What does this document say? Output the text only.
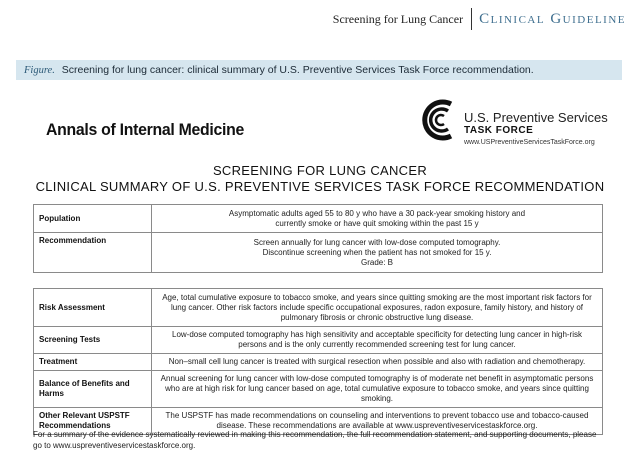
Screening for Lung Cancer	Clinical Guideline
Figure. Screening for lung cancer: clinical summary of U.S. Preventive Services Task Force recommendation.
Annals of Internal Medicine
U.S. Preventive Services
TASK FORCE
www.USPreventiveServicesTaskForce.org
SCREENING FOR LUNG CANCER
CLINICAL SUMMARY OF U.S. PREVENTIVE SERVICES TASK FORCE RECOMMENDATION
Population	Asymptomatic adults aged 55 to 80 y who have a 30 pack-year smoking history and
currently smoke or have quit smoking within the past 15 y

Recommendation	Screen annually for lung cancer with low-dose computed tomography.
Discontinue screening when the patient has not smoked for 15 y.
Grade: B
Risk Assessment	Age, total cumulative exposure to tobacco smoke, and years since quitting smoking are the most important risk factors for
lung cancer. Other risk factors include specific occupational exposures, radon exposure, family history, and history of
pulmonary fibrosis or chronic obstructive lung disease.

Screening Tests	Low-dose computed tomography has high sensitivity and acceptable specificity for detecting lung cancer in high-risk
persons and is the only currently recommended screening test for lung cancer.

Treatment	Non–small cell lung cancer is treated with surgical resection when possible and also with radiation and chemotherapy.

Balance of Benefits and Harms	Annual screening for lung cancer with low-dose computed tomography is of moderate net benefit in asymptomatic persons
who are at high risk for lung cancer based on age, total cumulative exposure to tobacco smoke, and years since quitting
smoking.

Other Relevant USPSTF Recommendations	The USPSTF has made recommendations on counseling and interventions to prevent tobacco use and tobacco-caused
disease. These recommendations are available at www.uspreventiveservicestaskforce.org.
For a summary of the evidence systematically reviewed in making this recommendation, the full recommendation statement, and supporting documents, please
go to www.uspreventiveservicestaskforce.org.
